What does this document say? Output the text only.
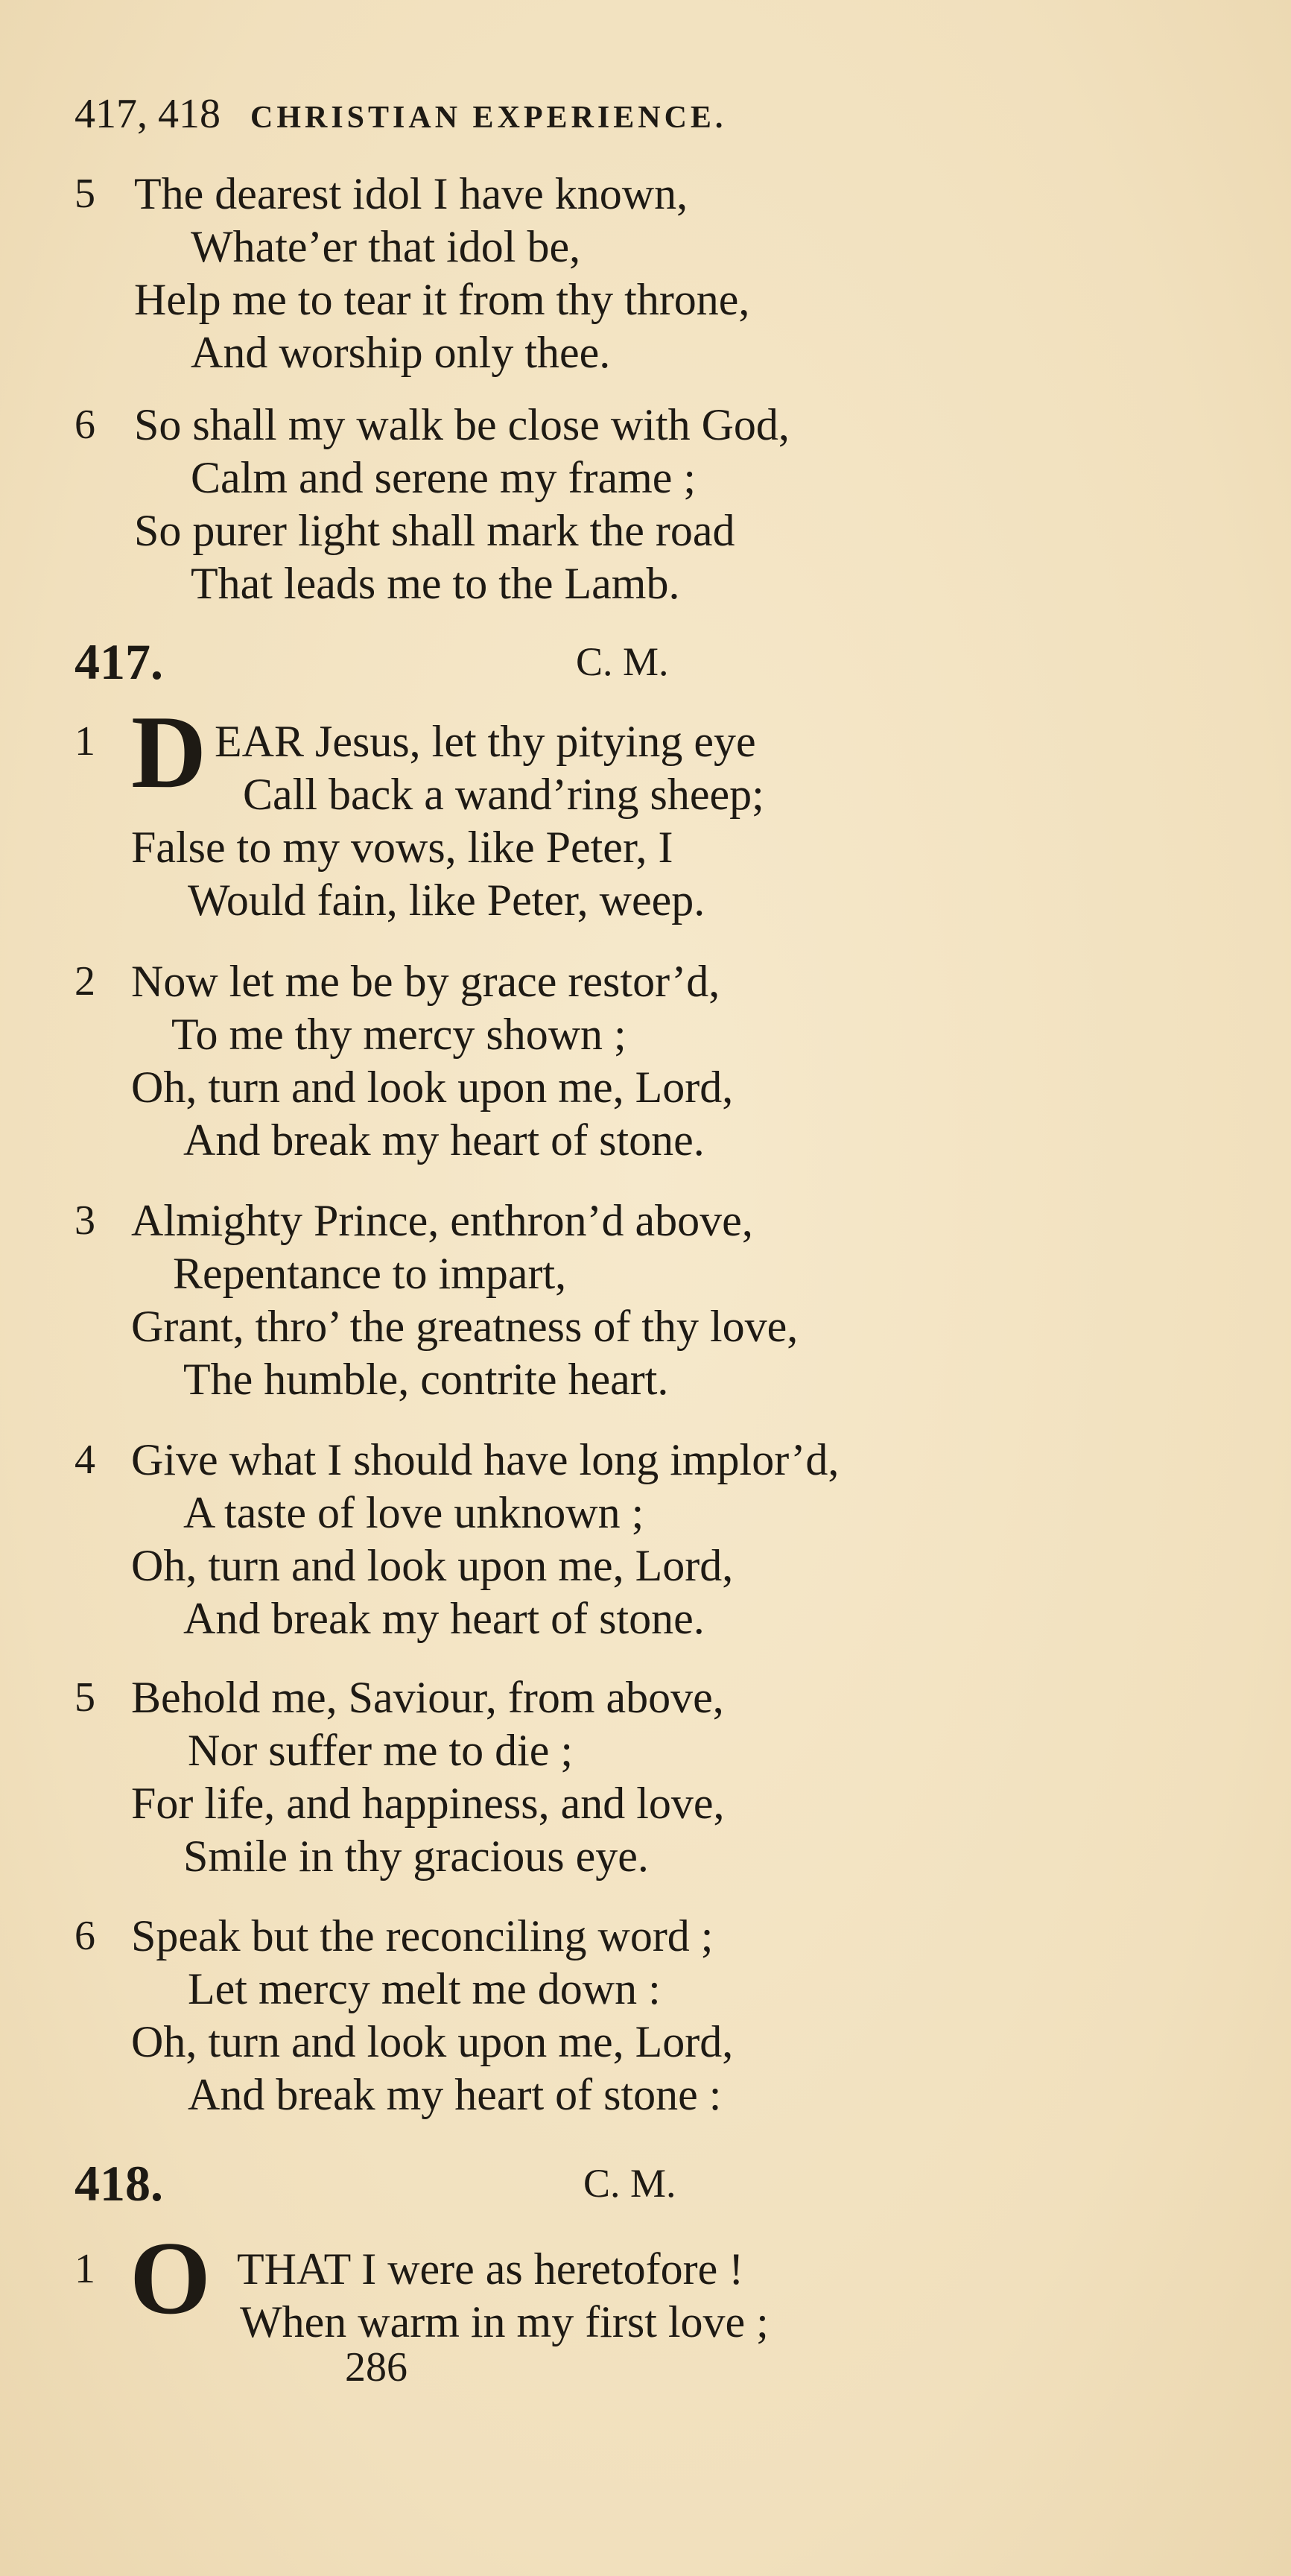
417, 418 CHRISTIAN EXPERIENCE.
5 The dearest idol I have known,
Whate’er that idol be,
Help me to tear it from thy throne,
And worship only thee.
6 So shall my walk be close with God,
Calm and serene my frame ;
So purer light shall mark the road
That leads me to the Lamb.
417.	C. M.
1 D EAR Jesus, let thy pitying eye
Call back a wand’ring sheep;
False to my vows, like Peter, I
Would fain, like Peter, weep.
2 Now let me be by grace restor’d,
To me thy mercy shown ;
Oh, turn and look upon me, Lord,
And break my heart of stone.
3 Almighty Prince, enthron’d above,
Repentance to impart,
Grant, thro’ the greatness of thy love,
The humble, contrite heart.
4 Give what I should have long implor’d,
A taste of love unknown ;
Oh, turn and look upon me, Lord,
And break my heart of stone.
5 Behold me, Saviour, from above,
Nor suffer me to die ;
For life, and happiness, and love,
Smile in thy gracious eye.
6 Speak but the reconciling word ;
Let mercy melt me down :
Oh, turn and look upon me, Lord,
And break my heart of stone :
418.	C. M.
1 O THAT I were as heretofore !
When warm in my first love ;
286
